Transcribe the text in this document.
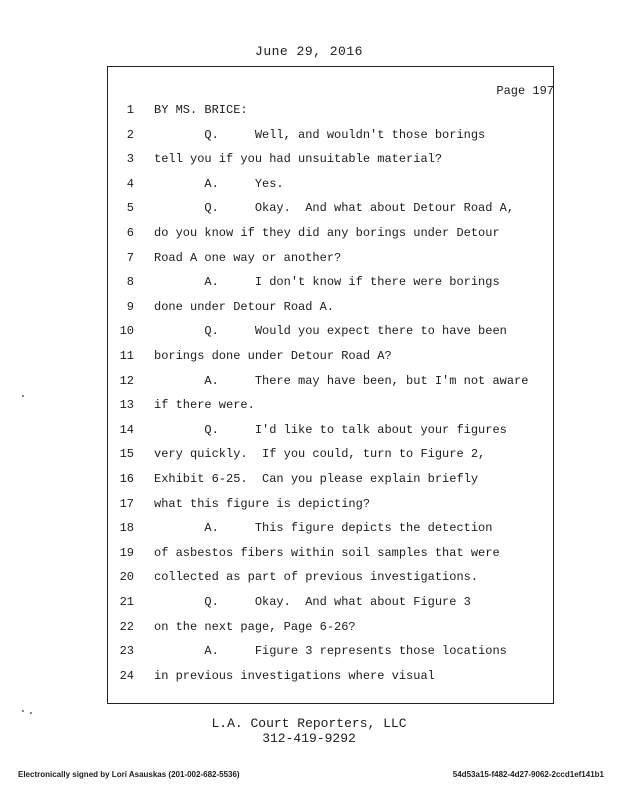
June 29, 2016
Page 197
1 BY MS. BRICE:
2 Q.     Well, and wouldn't those borings
3 tell you if you had unsuitable material?
4 A.     Yes.
5 Q.     Okay.  And what about Detour Road A,
6 do you know if they did any borings under Detour
7 Road A one way or another?
8 A.     I don't know if there were borings
9 done under Detour Road A.
10 Q.     Would you expect there to have been
11 borings done under Detour Road A?
12 A.     There may have been, but I'm not aware
13 if there were.
14 Q.     I'd like to talk about your figures
15 very quickly.  If you could, turn to Figure 2,
16 Exhibit 6-25.  Can you please explain briefly
17 what this figure is depicting?
18 A.     This figure depicts the detection
19 of asbestos fibers within soil samples that were
20 collected as part of previous investigations.
21 Q.     Okay.  And what about Figure 3
22 on the next page, Page 6-26?
23 A.     Figure 3 represents those locations
24 in previous investigations where visual
L.A. Court Reporters, LLC
312-419-9292
Electronically signed by Lori Asauskas (201-002-682-5536)	54d53a15-f482-4d27-9062-2ccd1ef141b1
